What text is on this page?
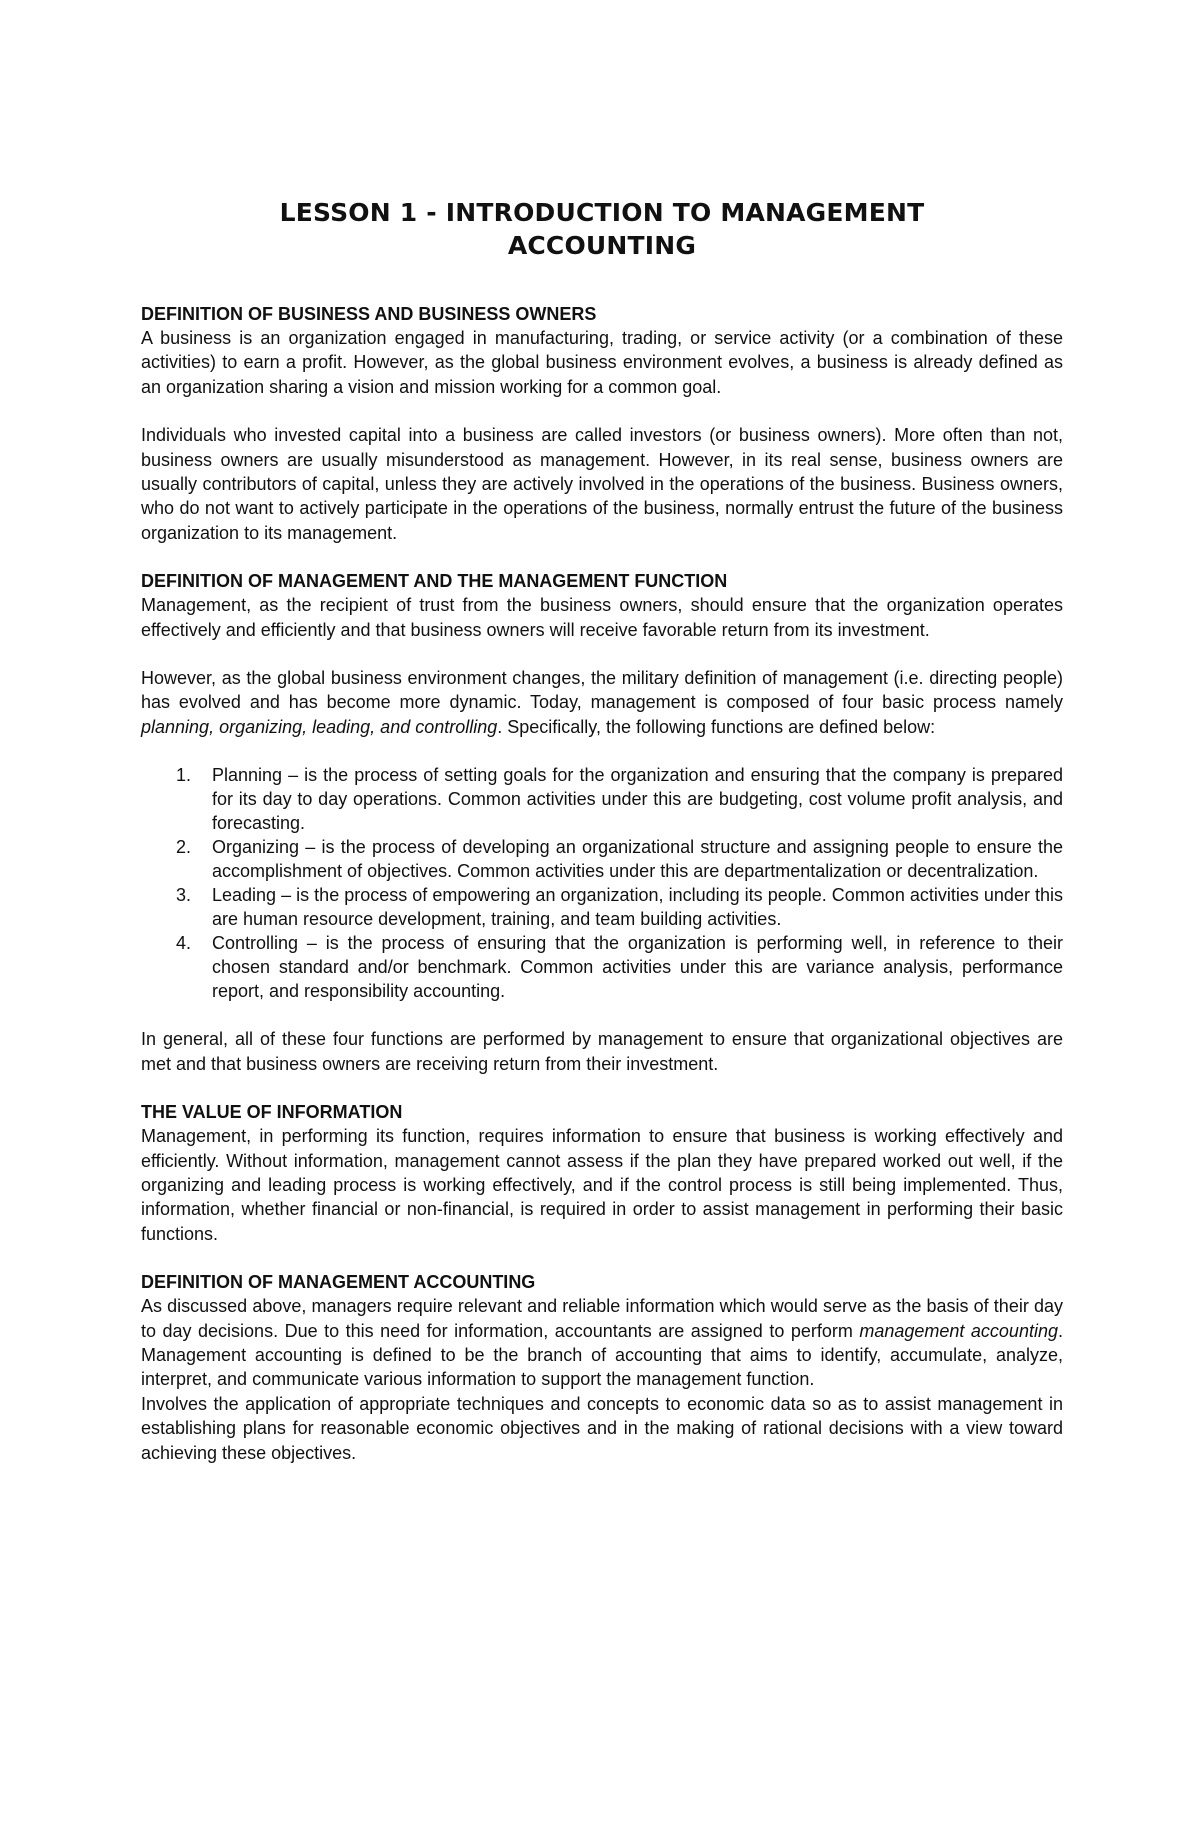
LESSON 1 - INTRODUCTION TO MANAGEMENT
ACCOUNTING
DEFINITION OF BUSINESS AND BUSINESS OWNERS

A business is an organization engaged in manufacturing, trading, or service activity (or a combination of these activities) to earn a profit. However, as the global business environment evolves, a business is already defined as an organization sharing a vision and mission working for a common goal.

Individuals who invested capital into a business are called investors (or business owners). More often than not, business owners are usually misunderstood as management. However, in its real sense, business owners are usually contributors of capital, unless they are actively involved in the operations of the business. Business owners, who do not want to actively participate in the operations of the business, normally entrust the future of the business organization to its management.

DEFINITION OF MANAGEMENT AND THE MANAGEMENT FUNCTION

Management, as the recipient of trust from the business owners, should ensure that the organization operates effectively and efficiently and that business owners will receive favorable return from its investment.

However, as the global business environment changes, the military definition of management (i.e. directing people) has evolved and has become more dynamic. Today, management is composed of four basic process namely planning, organizing, leading, and controlling. Specifically, the following functions are defined below:

1. Planning – is the process of setting goals for the organization and ensuring that the company is prepared for its day to day operations. Common activities under this are budgeting, cost volume profit analysis, and forecasting.
2. Organizing – is the process of developing an organizational structure and assigning people to ensure the accomplishment of objectives. Common activities under this are departmentalization or decentralization.
3. Leading – is the process of empowering an organization, including its people. Common activities under this are human resource development, training, and team building activities.
4. Controlling – is the process of ensuring that the organization is performing well, in reference to their chosen standard and/or benchmark. Common activities under this are variance analysis, performance report, and responsibility accounting.

In general, all of these four functions are performed by management to ensure that organizational objectives are met and that business owners are receiving return from their investment.

THE VALUE OF INFORMATION

Management, in performing its function, requires information to ensure that business is working effectively and efficiently. Without information, management cannot assess if the plan they have prepared worked out well, if the organizing and leading process is working effectively, and if the control process is still being implemented. Thus, information, whether financial or non-financial, is required in order to assist management in performing their basic functions.

DEFINITION OF MANAGEMENT ACCOUNTING

As discussed above, managers require relevant and reliable information which would serve as the basis of their day to day decisions. Due to this need for information, accountants are assigned to perform management accounting. Management accounting is defined to be the branch of accounting that aims to identify, accumulate, analyze, interpret, and communicate various information to support the management function.

Involves the application of appropriate techniques and concepts to economic data so as to assist management in establishing plans for reasonable economic objectives and in the making of rational decisions with a view toward achieving these objectives.
